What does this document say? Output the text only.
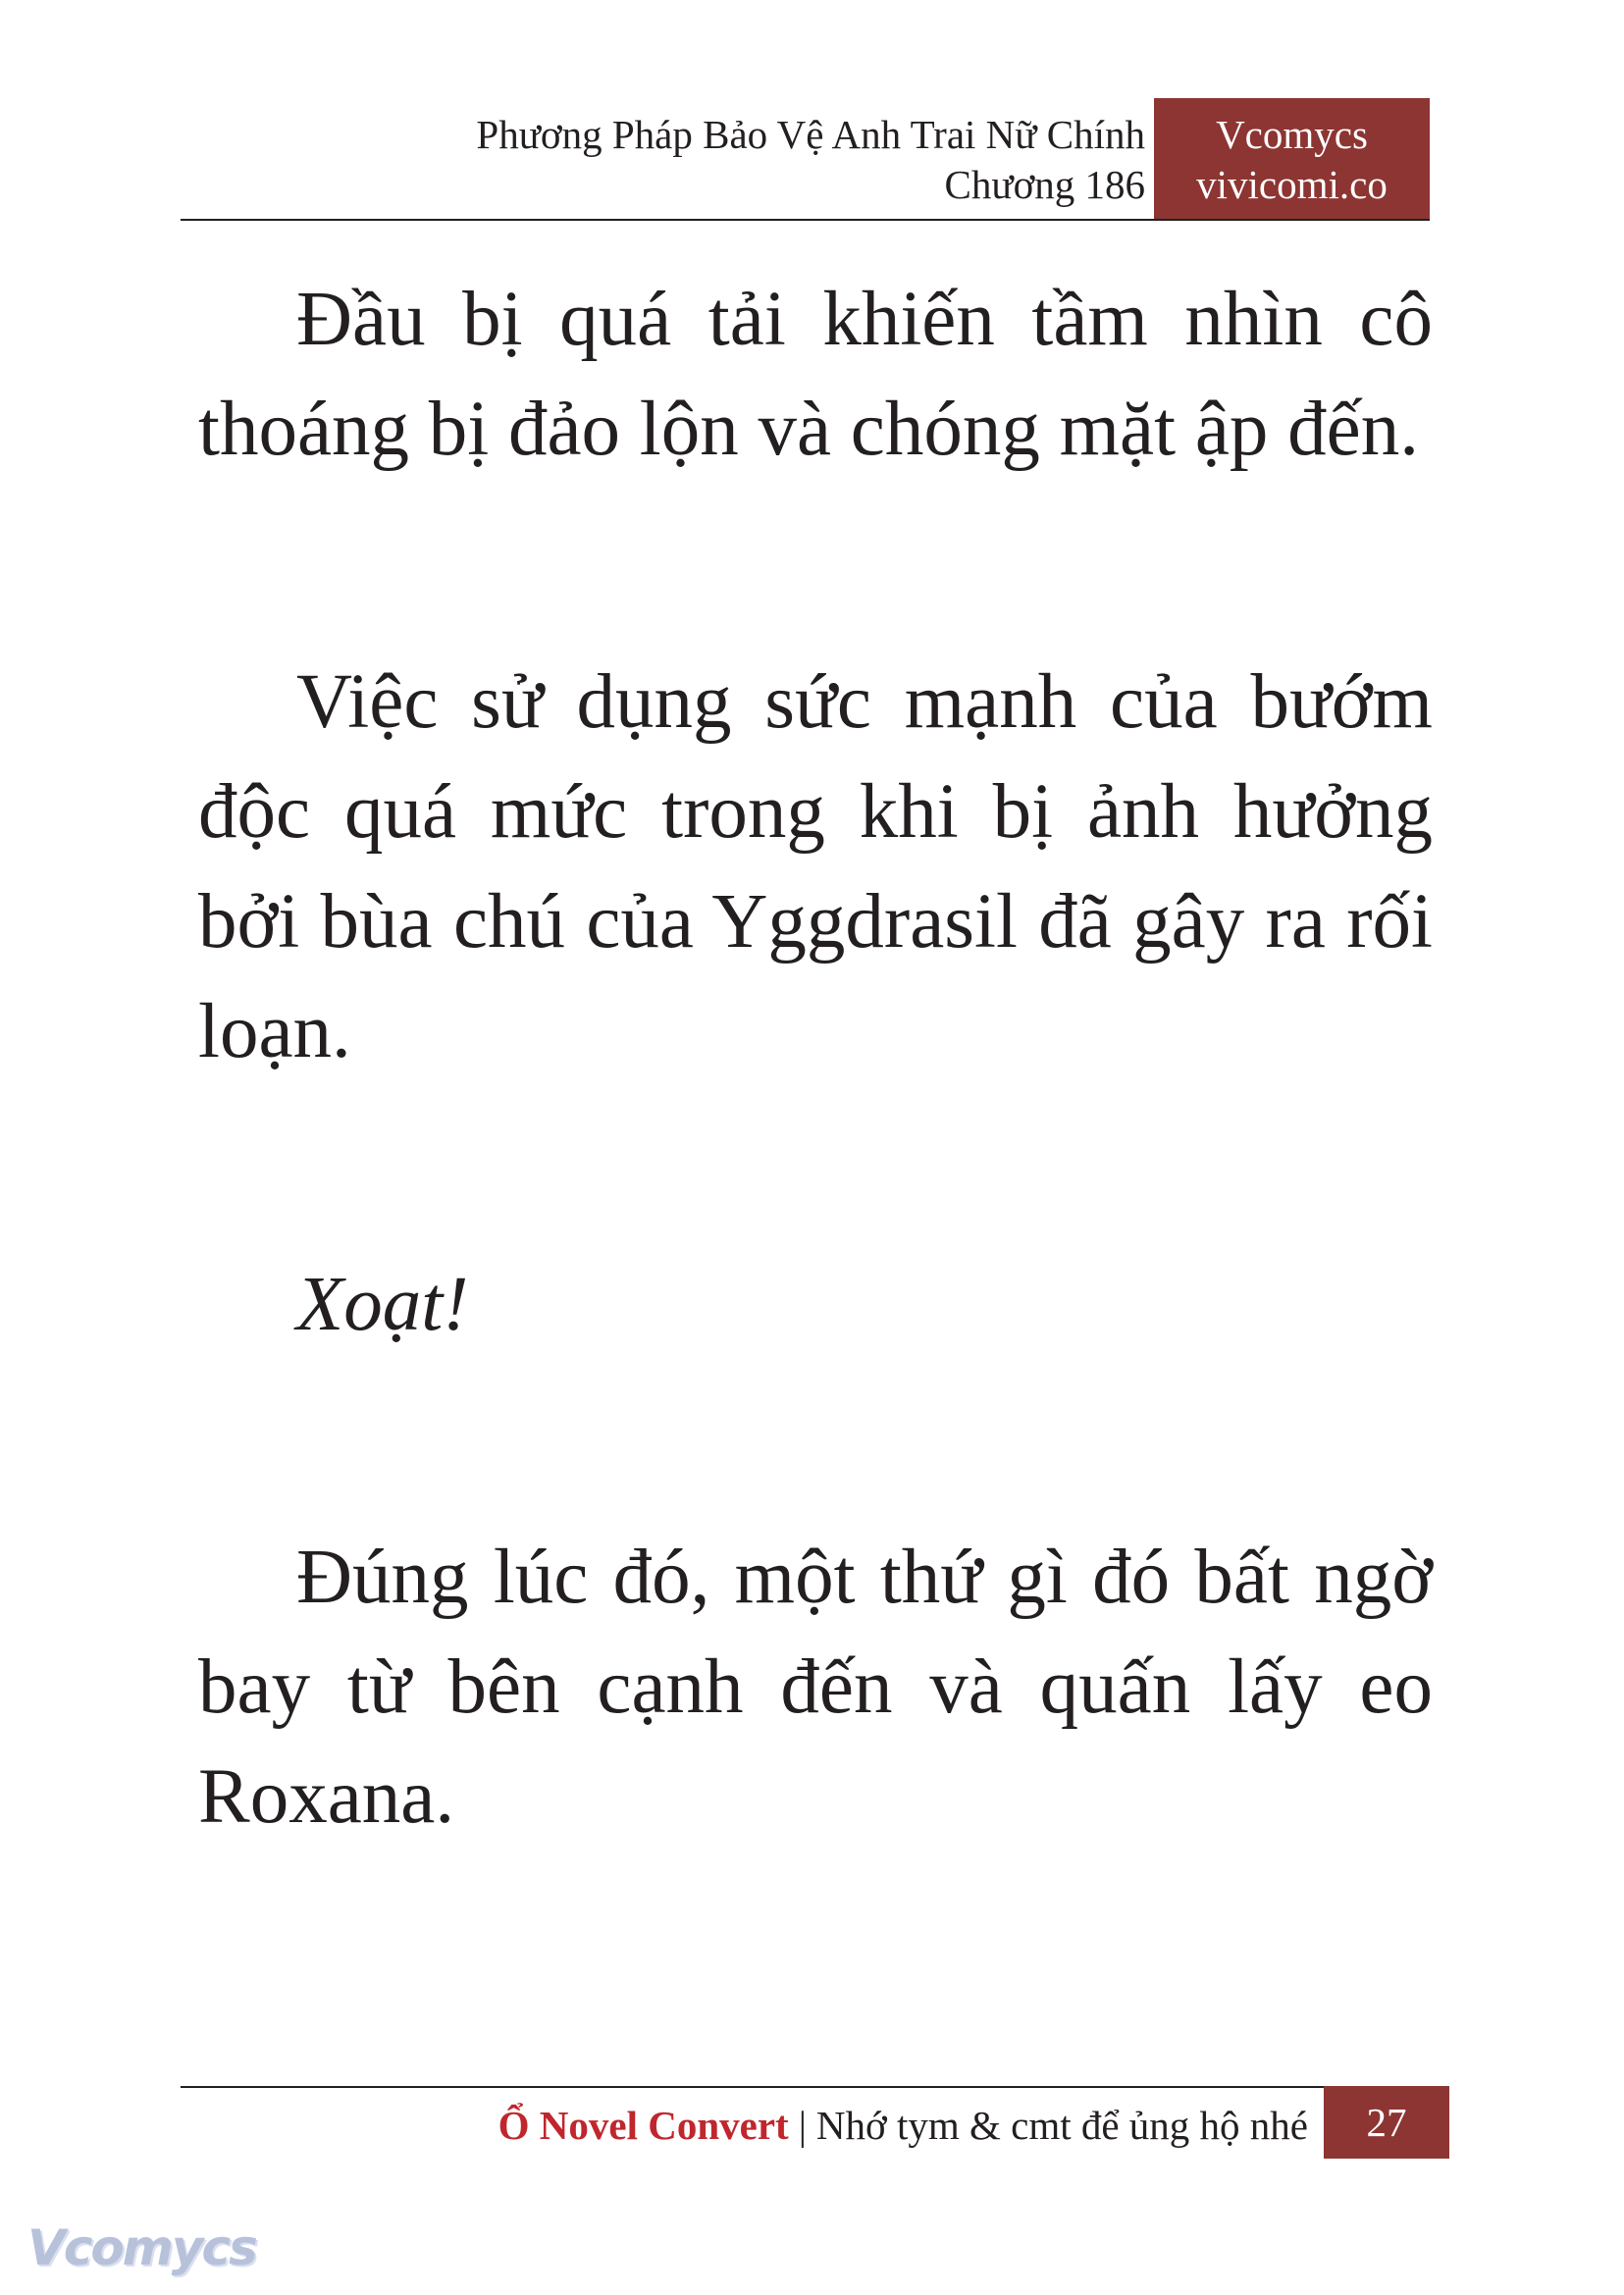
Phương Pháp Bảo Vệ Anh Trai Nữ Chính
Chương 186
Vcomycs
vivicomi.co

Đầu bị quá tải khiến tầm nhìn cô thoáng bị đảo lộn và chóng mặt ập đến.

Việc sử dụng sức mạnh của bướm độc quá mức trong khi bị ảnh hưởng bởi bùa chú của Yggdrasil đã gây ra rối loạn.

Xoạt!

Đúng lúc đó, một thứ gì đó bất ngờ bay từ bên cạnh đến và quấn lấy eo Roxana.

Ổ Novel Convert | Nhớ tym & cmt để ủng hộ nhé	27
Vcomycs
